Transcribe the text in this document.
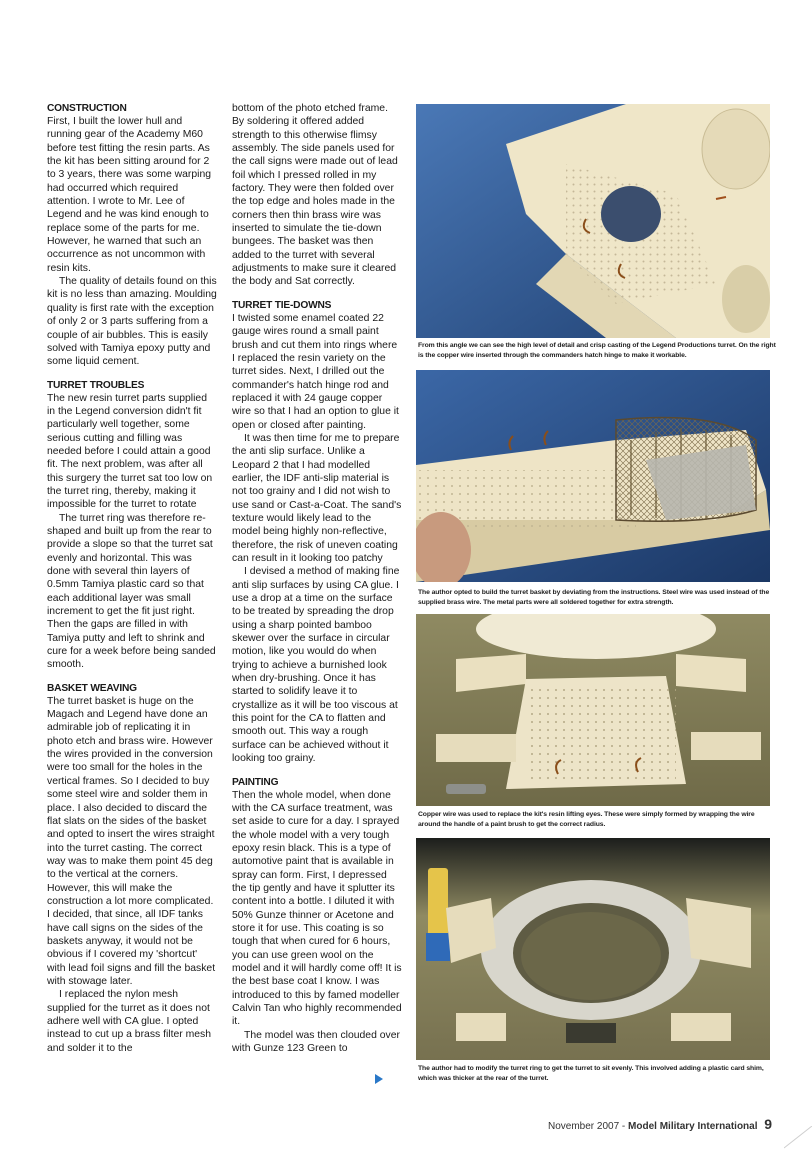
CONSTRUCTION

First, I built the lower hull and running gear of the Academy M60 before test fitting the resin parts. As the kit has been sitting around for 2 to 3 years, there was some warping had occurred which required attention. I wrote to Mr. Lee of Legend and he was kind enough to replace some of the parts for me. However, he warned that such an occurrence as not uncommon with resin kits.

The quality of details found on this kit is no less than amazing. Moulding quality is first rate with the exception of only 2 or 3 parts suffering from a couple of air bubbles. This is easily solved with Tamiya epoxy putty and some liquid cement.

TURRET TROUBLES

The new resin turret parts supplied in the Legend conversion didn't fit particularly well together, some serious cutting and filling was needed before I could attain a good fit. The next problem, was after all this surgery the turret sat too low on the turret ring, thereby, making it impossible for the turret to rotate

The turret ring was therefore re-shaped and built up from the rear to provide a slope so that the turret sat evenly and horizontal. This was done with several thin layers of 0.5mm Tamiya plastic card so that each additional layer was small increment to get the fit just right. Then the gaps are filled in with Tamiya putty and left to shrink and cure for a week before being sanded smooth.

BASKET WEAVING

The turret basket is huge on the Magach and Legend have done an admirable job of replicating it in photo etch and brass wire. However the wires provided in the conversion were too small for the holes in the vertical frames. So I decided to buy some steel wire and solder them in place. I also decided to discard the flat slats on the sides of the basket and opted to insert the wires straight into the turret casting. The correct way was to make them point 45 deg to the vertical at the corners. However, this will make the construction a lot more complicated. I decided, that since, all IDF tanks have call signs on the sides of the baskets anyway, it would not be obvious if I covered my 'shortcut' with lead foil signs and fill the basket with stowage later.

I replaced the nylon mesh supplied for the turret as it does not adhere well with CA glue. I opted instead to cut up a brass filter mesh and solder it to the

bottom of the photo etched frame. By soldering it offered added strength to this otherwise flimsy assembly. The side panels used for the call signs were made out of lead foil which I pressed rolled in my factory. They were then folded over the top edge and holes made in the corners then thin brass wire was inserted to simulate the tie-down bungees. The basket was then added to the turret with several adjustments to make sure it cleared the body and Sat correctly.

TURRET TIE-DOWNS

I twisted some enamel coated 22 gauge wires round a small paint brush and cut them into rings where I replaced the resin variety on the turret sides. Next, I drilled out the commander's hatch hinge rod and replaced it with 24 gauge copper wire so that I had an option to glue it open or closed after painting.

It was then time for me to prepare the anti slip surface. Unlike a Leopard 2 that I had modelled earlier, the IDF anti-slip material is not too grainy and I did not wish to use sand or Cast-a-Coat. The sand's texture would likely lead to the model being highly non-reflective, therefore, the risk of uneven coating can result in it looking too patchy

I devised a method of making fine anti slip surfaces by using CA glue. I use a drop at a time on the surface to be treated by spreading the drop using a sharp pointed bamboo skewer over the surface in circular motion, like you would do when trying to achieve a burnished look when dry-brushing. Once it has started to solidify leave it to crystallize as it will be too viscous at this point for the CA to flatten and smooth out. This way a rough surface can be achieved without it looking too grainy.

PAINTING

Then the whole model, when done with the CA surface treatment, was set aside to cure for a day. I sprayed the whole model with a very tough epoxy resin black. This is a type of automotive paint that is available in spray can form. First, I depressed the tip gently and have it splutter its content into a bottle. I diluted it with 50% Gunze thinner or Acetone and store it for use. This coating is so tough that when cured for 6 hours, you can use green wool on the model and it will hardly come off! It is the best base coat I know. I was introduced to this by famed modeller Calvin Tan who highly recommended it.

The model was then clouded over with Gunze 123 Green to

From this angle we can see the high level of detail and crisp casting of the Legend Productions turret. On the right is the copper wire inserted through the commanders hatch hinge to make it workable.
The author opted to build the turret basket by deviating from the instructions. Steel wire was used instead of the supplied brass wire. The metal parts were all soldered together for extra strength.
Copper wire was used to replace the kit's resin lifting eyes. These were simply formed by wrapping the wire around the handle of a paint brush to get the correct radius.
The author had to modify the turret ring to get the turret to sit evenly. This involved adding a plastic card shim, which was thicker at the rear of the turret.
November 2007 - Model Military International 9
